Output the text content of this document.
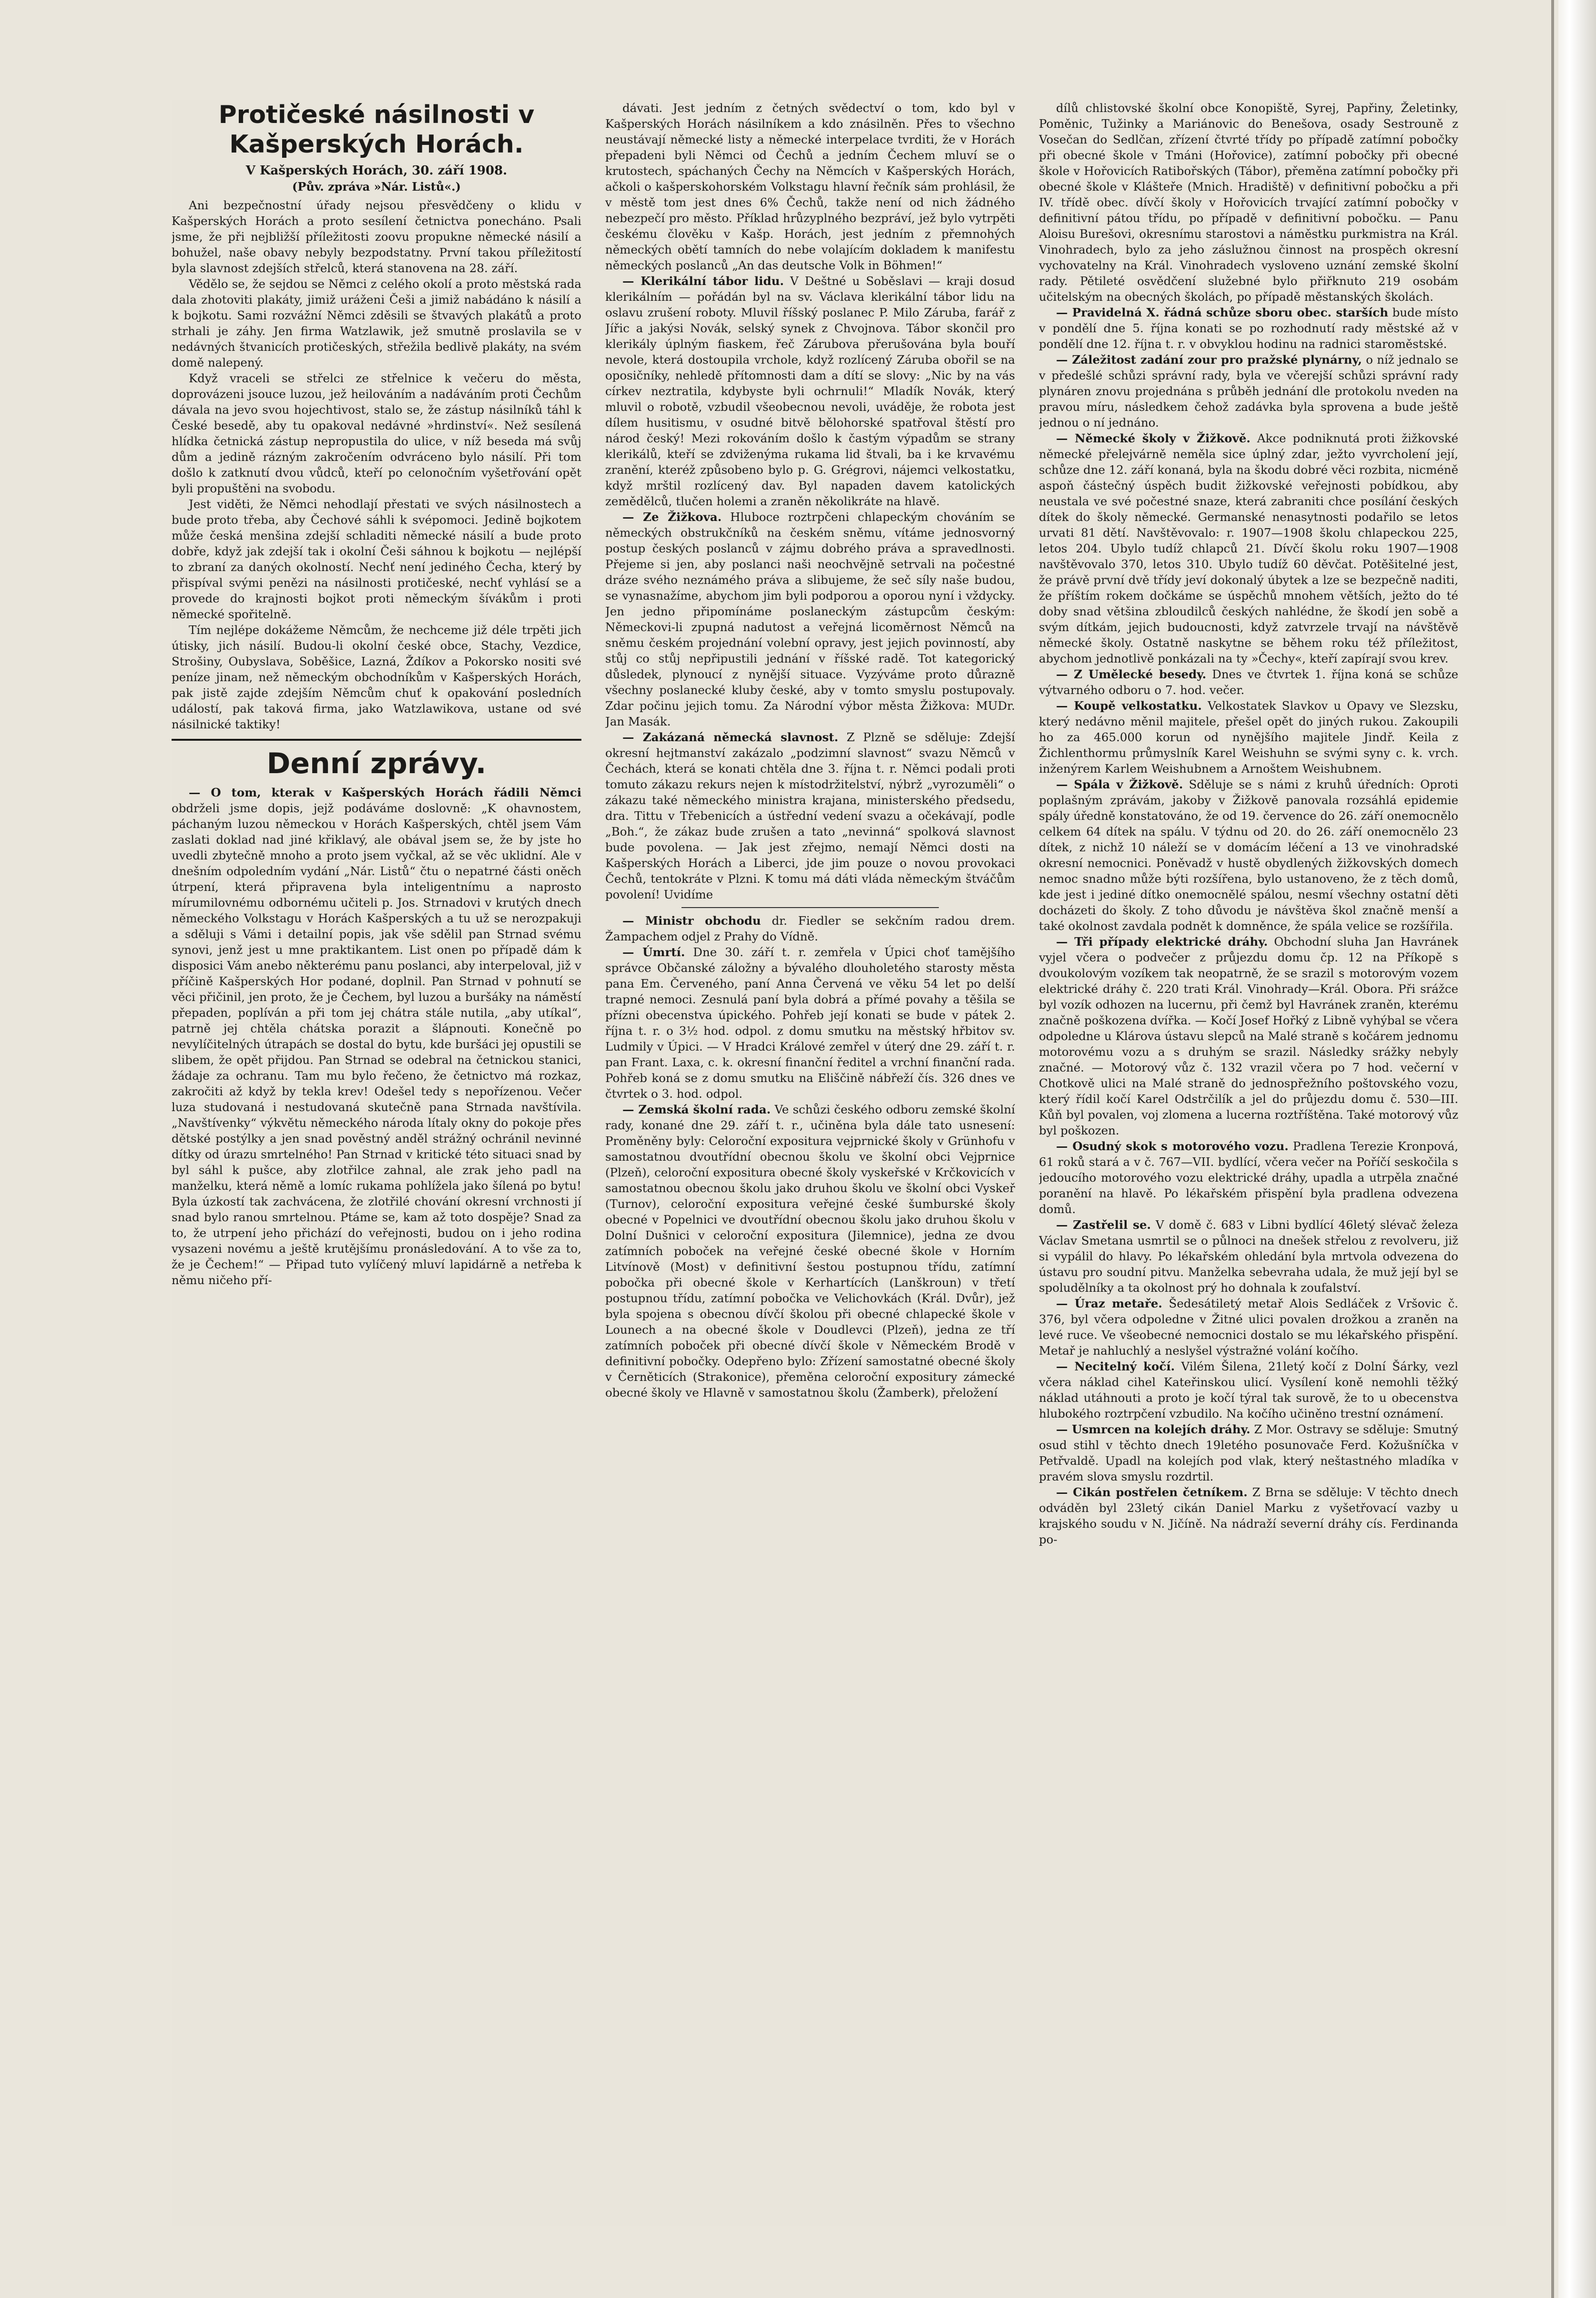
Protičeské násilnosti v Kašperských Horách.
V Kašperských Horách, 30. září 1908.
(Pův. zpráva »Nár. Listů«.)

Ani bezpečnostní úřady nejsou přesvědčeny o klidu v Kašperských Horách a proto sesílení četnictva ponecháno. Psali jsme, že při nejbližší příležitosti zoovu propukne německé násilí a bohužel, naše obavy nebyly bezpodstatny. První takou příležitostí byla slavnost zdejších střelců, která stanovena na 28. září.

Vědělo se, že sejdou se Němci z celého okolí a proto městská rada dala zhotoviti plakáty, jimiž uráženi Češi a jimiž nabádáno k násilí a k bojkotu. Sami rozvážní Němci zděsili se štvavých plakátů a proto strhali je záhy. Jen firma Watzlawik, jež smutně proslavila se v nedávných štvanicích protičeských, střežila bedlivě plakáty, na svém domě nalepený.

Když vraceli se střelci ze střelnice k večeru do města, doprovázeni jsouce luzou, jež heilováním a nadáváním proti Čechům dávala na jevo svou hojechtivost, stalo se, že zástup násilníků táhl k České besedě, aby tu opakoval nedávné »hrdinství«. Než sesílená hlídka četnická zástup nepropustila do ulice, v níž beseda má svůj dům a jedině rázným zakročením odvráceno bylo násilí. Při tom došlo k zatknutí dvou vůdců, kteří po celonočním vyšetřování opět byli propuštěni na svobodu.

Jest viděti, že Němci nehodlají přestati ve svých násilnostech a bude proto třeba, aby Čechové sáhli k svépomoci. Jedině bojkotem může česká menšina zdejší schladiti německé násilí a bude proto dobře, když jak zdejší tak i okolní Češi sáhnou k bojkotu — nejlépší to zbraní za daných okolností. Nechť není jediného Čecha, který by přispíval svými penězi na násilnosti protičeské, nechť vyhlásí se a provede do krajnosti bojkot proti německým šívákům i proti německé spořitelně.

Tím nejlépe dokážeme Němcům, že nechceme již déle trpěti jich útisky, jich násilí. Budou-li okolní české obce, Stachy, Vezdice, Strošiny, Oubyslava, Soběšice, Lazná, Ždíkov a Pokorsko nositi své peníze jinam, než německým obchodníkům v Kašperských Horách, pak jistě zajde zdejším Němcům chuť k opakování posledních událostí, pak taková firma, jako Watzlawikova, ustane od své násilnické taktiky!

Denní zprávy.

— O tom, kterak v Kašperských Horách řádili Němci obdrželi jsme dopis, jejž podáváme doslovně: „K ohavnostem, páchaným luzou německou v Horách Kašperských, chtěl jsem Vám zaslati doklad nad jiné křiklavý, ale obával jsem se, že by jste ho uvedli zbytečně mnoho a proto jsem vyčkal, až se věc uklidní. Ale v dnešním odpoledním vydání „Nár. Listů“ čtu o nepatrné části oněch útrpení, která připravena byla inteligentnímu a naprosto mírumilovnému odbornému učiteli p. Jos. Strnadovi v krutých dnech německého Volkstagu v Horách Kašperských a tu už se nerozpakuji a sděluji s Vámi i detailní popis, jak vše sdělil pan Strnad svému synovi, jenž jest u mne praktikantem. List onen po případě dám k disposici Vám anebo některému panu poslanci, aby interpeloval, již v příčině Kašperských Hor podané, doplnil. Pan Strnad v pohnutí se věci přičinil, jen proto, že je Čechem, byl luzou a buršáky na náměstí přepaden, poplíván a při tom jej chátra stále nutila, „aby utíkal“, patrně jej chtěla chátska porazit a šlápnouti. Konečně po nevylíčitelných útrapách se dostal do bytu, kde buršáci jej opustili se slibem, že opět přijdou. Pan Strnad se odebral na četnickou stanici, žádaje za ochranu. Tam mu bylo řečeno, že četnictvo má rozkaz, zakročiti až když by tekla krev! Odešel tedy s nepořízenou. Večer luza studovaná i nestudovaná skutečně pana Strnada navštívila. „Navštívenky“ výkvětu německého národa lítaly okny do pokoje přes dětské postýlky a jen snad pověstný anděl strážný ochránil nevinné dítky od úrazu smrtelného! Pan Strnad v kritické této situaci snad by byl sáhl k pušce, aby zlotřilce zahnal, ale zrak jeho padl na manželku, která němě a lomíc rukama pohlížela jako šílená po bytu! Byla úzkostí tak zachvácena, že zlotřilé chování okresní vrchnosti jí snad bylo ranou smrtelnou. Ptáme se, kam až toto dospěje? Snad za to, že utrpení jeho přichází do veřejnosti, budou on i jeho rodina vysazeni novému a ještě krutějšímu pronásledování. A to vše za to, že je Čechem!“ — Připad tuto vylíčený mluví lapidárně a netřeba k němu ničeho pří-

dávati. Jest jedním z četných svědectví o tom, kdo byl v Kašperských Horách násilníkem a kdo znásilněn. Přes to všechno neustávají německé listy a německé interpelace tvrditi, že v Horách přepadeni byli Němci od Čechů a jedním Čechem mluví se o krutostech, spáchaných Čechy na Němcích v Kašperských Horách, ačkoli o kašperskohorském Volkstagu hlavní řečník sám prohlásil, že v městě tom jest dnes 6% Čechů, takže není od nich žádného nebezpečí pro město. Příklad hrůzyplného bezpráví, jež bylo vytrpěti českému člověku v Kašp. Horách, jest jedním z přemnohých německých obětí tamních do nebe volajícím dokladem k manifestu německých poslanců „An das deutsche Volk in Böhmen!“

— Klerikální tábor lidu. V Deštné u Soběslavi — kraji dosud klerikálním — pořádán byl na sv. Václava klerikální tábor lidu na oslavu zrušení roboty. Mluvil říšský poslanec P. Milo Záruba, farář z Jířic a jakýsi Novák, selský synek z Chvojnova. Tábor skončil pro klerikály úplným fiaskem, řeč Zárubova přerušována byla bouří nevole, která dostoupila vrchole, když rozlícený Záruba obořil se na oposičníky, nehledě přítomnosti dam a dítí se slovy: „Nic by na vás církev neztratila, kdybyste byli ochrnuli!“ Mladík Novák, který mluvil o robotě, vzbudil všeobecnou nevoli, uváděje, že robota jest dílem husitismu, v osudné bitvě bělohorské spatřoval štěstí pro národ český! Mezi rokováním došlo k častým výpadům se strany klerikálů, kteří se zdviženýma rukama lid štvali, ba i ke krvavému zranění, kteréž způsobeno bylo p. G. Grégrovi, nájemci velkostatku, když mrštil rozlícený dav. Byl napaden davem katolických zemědělců, tlučen holemi a zraněn několikráte na hlavě.

— Ze Žižkova. Hluboce roztrpčeni chlapeckým chováním se německých obstrukčníků na českém sněmu, vítáme jednosvorný postup českých poslanců v zájmu dobrého práva a spravedlnosti. Přejeme si jen, aby poslanci naši neochvějně setrvali na počestné dráze svého neznámého práva a slibujeme, že seč síly naše budou, se vynasnažíme, abychom jim byli podporou a oporou nyní i vždycky. Jen jedno připomínáme poslaneckým zástupcům českým: Německovi-li zpupná nadutost a veřejná licoměrnost Němců na sněmu českém projednání volební opravy, jest jejich povinností, aby stůj co stůj nepřipustili jednání v říšské radě. Tot kategorický důsledek, plynoucí z nynější situace. Vyzýváme proto důrazně všechny poslanecké kluby české, aby v tomto smyslu postupovaly. Zdar počinu jejich tomu. Za Národní výbor města Žižkova: MUDr. Jan Masák.

— Zakázaná německá slavnost. Z Plzně se sděluje: Zdejší okresní hejtmanství zakázalo „podzimní slavnost“ svazu Němců v Čechách, která se konati chtěla dne 3. října t. r. Němci podali proti tomuto zákazu rekurs nejen k místodržitelství, nýbrž „vyrozuměli“ o zákazu také německého ministra krajana, ministerského předsedu, dra. Tittu v Třebenicích a ústřední vedení svazu a očekávají, podle „Boh.“, že zákaz bude zrušen a tato „nevinná“ spolková slavnost bude povolena. — Jak jest zřejmo, nemají Němci dosti na Kašperských Horách a Liberci, jde jim pouze o novou provokaci Čechů, tentokráte v Plzni. K tomu má dáti vláda německým štváčům povolení! Uvidíme

— Ministr obchodu dr. Fiedler se sekčním radou drem. Žampachem odjel z Prahy do Vídně.

— Úmrtí. Dne 30. září t. r. zemřela v Úpici choť tamějšího správce Občanské záložny a bývalého dlouholetého starosty města pana Em. Červeného, paní Anna Červená ve věku 54 let po delší trapné nemoci. Zesnulá paní byla dobrá a přímé povahy a těšila se přízni obecenstva úpického. Pohřeb její konati se bude v pátek 2. října t. r. o 3½ hod. odpol. z domu smutku na městský hřbitov sv. Ludmily v Úpici. — V Hradci Králové zemřel v úterý dne 29. září t. r. pan Frant. Laxa, c. k. okresní finanční ředitel a vrchní finanční rada. Pohřeb koná se z domu smutku na Eliščině nábřeží čís. 326 dnes ve čtvrtek o 3. hod. odpol.

— Zemská školní rada. Ve schůzi českého odboru zemské školní rady, konané dne 29. září t. r., učiněna byla dále tato usnesení: Proměněny byly: Celoroční expositura vejprnické školy v Grünhofu v samostatnou dvoutřídní obecnou školu ve školní obci Vejprnice (Plzeň), celoroční expositura obecné školy vyskeřské v Krčkovicích v samostatnou obecnou školu jako druhou školu ve školní obci Vyskeř (Turnov), celoroční expositura veřejné české šumburské školy obecné v Popelnici ve dvoutřídní obecnou školu jako druhou školu v Dolní Dušnici v celoroční expositura (Jilemnice), jedna ze dvou zatímních poboček na veřejné české obecné škole v Horním Litvínově (Most) v definitivní šestou postupnou třídu, zatímní pobočka při obecné škole v Kerhartících (Lanškroun) v třetí postupnou třídu, zatímní pobočka ve Velichovkách (Král. Dvůr), jež byla spojena s obecnou dívčí školou při obecné chlapecké škole v Lounech a na obecné škole v Doudlevci (Plzeň), jedna ze tří zatímních poboček při obecné dívčí škole v Německém Brodě v definitivní pobočky. Odepřeno bylo: Zřízení samostatné obecné školy v Černěticích (Strakonice), přeměna celoroční expositury zámecké obecné školy ve Hlavně v samostatnou školu (Žamberk), přeložení

dílů chlistovské školní obce Konopiště, Syrej, Papřiny, Želetinky, Poměnic, Tužinky a Mariánovic do Benešova, osady Sestrouně z Vosečan do Sedlčan, zřízení čtvrté třídy po případě zatímní pobočky při obecné škole v Tmáni (Hořovice), zatímní pobočky při obecné škole v Hořovicích Ratibořských (Tábor), přeměna zatímní pobočky při obecné škole v Klášteře (Mnich. Hradiště) v definitivní pobočku a při IV. třídě obec. dívčí školy v Hořovicích trvající zatímní pobočky v definitivní pátou třídu, po případě v definitivní pobočku. — Panu Aloisu Burešovi, okresnímu starostovi a náměstku purkmistra na Král. Vinohradech, bylo za jeho záslužnou činnost na prospěch okresní vychovatelny na Král. Vinohradech vysloveno uznání zemské školní rady. Pětileté osvědčení služebné bylo přiřknuto 219 osobám učitelským na obecných školách, po případě městanských školách.

— Pravidelná X. řádná schůze sboru obec. starších bude místo v pondělí dne 5. října konati se po rozhodnutí rady městské až v pondělí dne 12. října t. r. v obvyklou hodinu na radnici staroměstské.

— Záležitost zadání zour pro pražské plynárny, o níž jednalo se v předešlé schůzi správní rady, byla ve včerejší schůzi správní rady plynáren znovu projednána s průběh jednání dle protokolu nveden na pravou míru, následkem čehož zadávka byla sprovena a bude ještě jednou o ní jednáno.

— Německé školy v Žižkově. Akce podniknutá proti žižkovské německé přelejvárně neměla sice úplný zdar, ježto vyvrcholení její, schůze dne 12. září konaná, byla na škodu dobré věci rozbita, nicméně aspoň částečný úspěch budit žižkovské veřejnosti pobídkou, aby neustala ve své počestné snaze, která zabraniti chce posílání českých dítek do školy německé. Germanské nenasytnosti podařilo se letos urvati 81 dětí. Navštěvovalo: r. 1907—1908 školu chlapeckou 225, letos 204. Ubylo tudíž chlapců 21. Dívčí školu roku 1907—1908 navštěvovalo 370, letos 310. Ubylo tudíž 60 děvčat. Potěšitelné jest, že právě první dvě třídy jeví dokonalý úbytek a lze se bezpečně naditi, že příštím rokem dočkáme se úspěchů mnohem větších, ježto do té doby snad většina zbloudilců českých nahlédne, že škodí jen sobě a svým dítkám, jejich budoucnosti, když zatvrzele trvají na návštěvě německé školy. Ostatně naskytne se během roku též příležitost, abychom jednotlivě ponkázali na ty »Čechy«, kteří zapírají svou krev.

— Z Umělecké besedy. Dnes ve čtvrtek 1. října koná se schůze výtvarného odboru o 7. hod. večer.

— Koupě velkostatku. Velkostatek Slavkov u Opavy ve Slezsku, který nedávno měnil majitele, přešel opět do jiných rukou. Zakoupili ho za 465.000 korun od nynějšího majitele Jindř. Keila z Žichlenthormu průmyslník Karel Weishuhn se svými syny c. k. vrch. inženýrem Karlem Weishubnem a Arnoštem Weishubnem.

— Spála v Žižkově. Sděluje se s námi z kruhů úředních: Oproti poplašným zprávám, jakoby v Žižkově panovala rozsáhlá epidemie spály úředně konstatováno, že od 19. července do 26. září onemocnělo celkem 64 dítek na spálu. V týdnu od 20. do 26. září onemocnělo 23 dítek, z nichž 10 náleží se v domácím léčení a 13 ve vinohradské okresní nemocnici. Poněvadž v hustě obydlených žižkovských domech nemoc snadno může býti rozšířena, bylo ustanoveno, že z těch domů, kde jest i jediné dítko onemocnělé spálou, nesmí všechny ostatní děti docházeti do školy. Z toho důvodu je návštěva škol značně menší a také okolnost zavdala podnět k domněnce, že spála velice se rozšířila.

— Tři případy elektrické dráhy. Obchodní sluha Jan Havránek vyjel včera o podvečer z průjezdu domu čp. 12 na Příkopě s dvoukolovým vozíkem tak neopatrně, že se srazil s motorovým vozem elektrické dráhy č. 220 trati Král. Vinohrady—Král. Obora. Při srážce byl vozík odhozen na lucernu, při čemž byl Havránek zraněn, kterému značně poškozena dvířka. — Kočí Josef Hořký z Libně vyhýbal se včera odpoledne u Klárova ústavu slepců na Malé straně s kočárem jednomu motorovému vozu a s druhým se srazil. Následky srážky nebyly značné. — Motorový vůz č. 132 vrazil včera po 7 hod. večerní v Chotkově ulici na Malé straně do jednospřežního poštovského vozu, který řídil kočí Karel Odstrčilík a jel do průjezdu domu č. 530—III. Kůň byl povalen, voj zlomena a lucerna roztříštěna. Také motorový vůz byl poškozen.

— Osudný skok s motorového vozu. Pradlena Terezie Kronpová, 61 roků stará a v č. 767—VII. bydlící, včera večer na Poříčí seskočila s jedoucího motorového vozu elektrické dráhy, upadla a utrpěla značné poranění na hlavě. Po lékařském přispění byla pradlena odvezena domů.

— Zastřelil se. V domě č. 683 v Libni bydlící 46letý slévač železa Václav Smetana usmrtil se o půlnoci na dnešek střelou z revolveru, již si vypálil do hlavy. Po lékařském ohledání byla mrtvola odvezena do ústavu pro soudní pitvu. Manželka sebevraha udala, že muž její byl se spoludělníky a ta okolnost prý ho dohnala k zoufalství.

— Úraz metaře. Šedesátiletý metař Alois Sedláček z Vršovic č. 376, byl včera odpoledne v Žitné ulici povalen drožkou a zraněn na levé ruce. Ve všeobecné nemocnici dostalo se mu lékařského přispění. Metař je nahluchlý a neslyšel výstražné volání kočího.

— Necitelný kočí. Vilém Šilena, 21letý kočí z Dolní Šárky, vezl včera náklad cihel Kateřinskou ulicí. Vysílení koně nemohli těžký náklad utáhnouti a proto je kočí týral tak surově, že to u obecenstva hlubokého roztrpčení vzbudilo. Na kočího učiněno trestní oznámení.

— Usmrcen na kolejích dráhy. Z Mor. Ostravy se sděluje: Smutný osud stihl v těchto dnech 19letého posunovače Ferd. Kožušníčka v Petřvaldě. Upadl na kolejích pod vlak, který neštastného mladíka v pravém slova smyslu rozdrtil.

— Cikán postřelen četníkem. Z Brna se sděluje: V těchto dnech odváděn byl 23letý cikán Daniel Marku z vyšetřovací vazby u krajského soudu v N. Jičíně. Na nádraží severní dráhy cís. Ferdinanda po-
